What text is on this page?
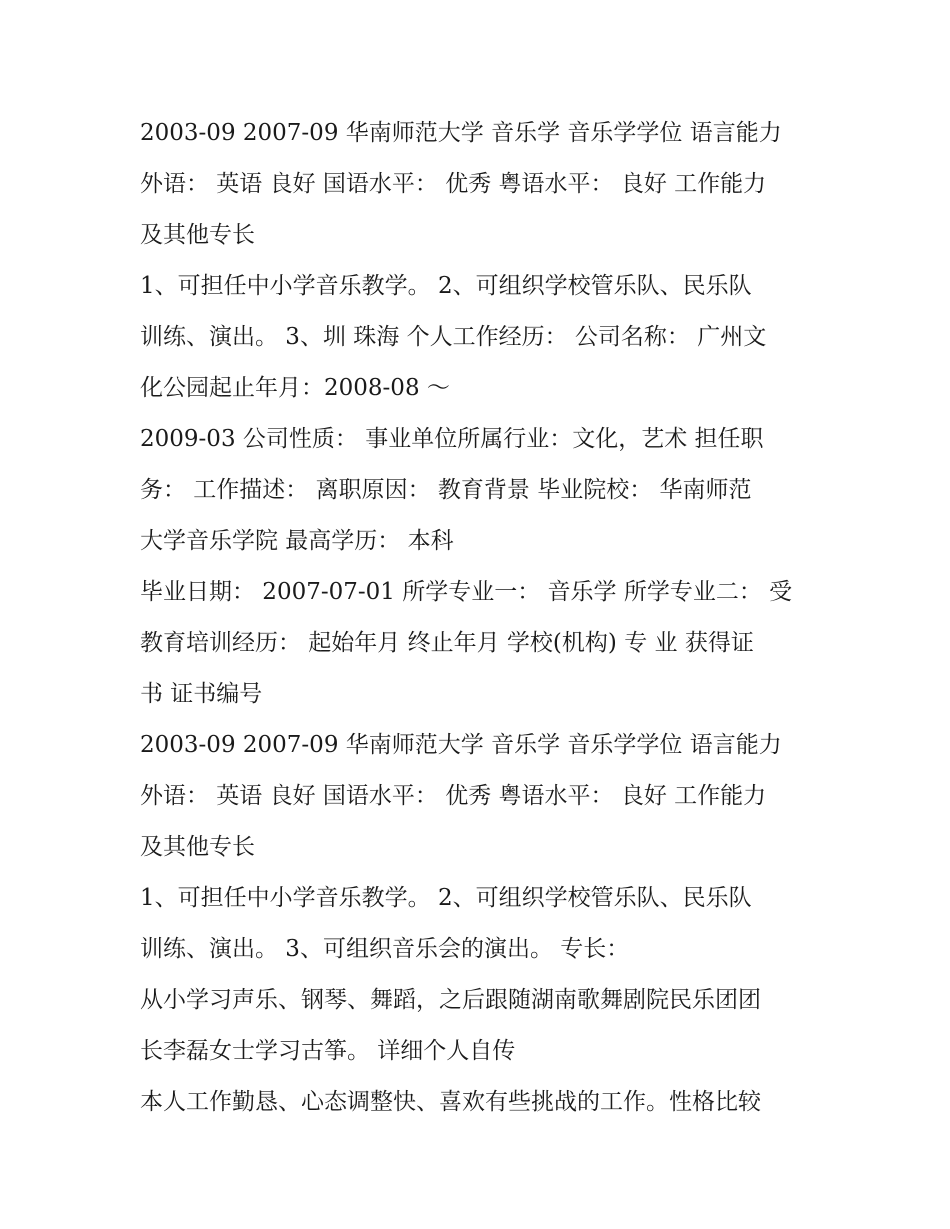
2003-09 2007-09 华南师范大学 音乐学 音乐学学位 语言能力
外语： 英语 良好 国语水平： 优秀 粤语水平： 良好 工作能力
及其他专长
1、可担任中小学音乐教学。 2、可组织学校管乐队、民乐队
训练、演出。 3、圳 珠海 个人工作经历： 公司名称： 广州文
化公园起止年月：2008-08 ～
2009-03 公司性质： 事业单位所属行业：文化，艺术 担任职
务： 工作描述： 离职原因： 教育背景 毕业院校： 华南师范
大学音乐学院 最高学历： 本科
毕业日期： 2007-07-01 所学专业一： 音乐学 所学专业二： 受
教育培训经历： 起始年月 终止年月 学校(机构) 专 业 获得证
书 证书编号
2003-09 2007-09 华南师范大学 音乐学 音乐学学位 语言能力
外语： 英语 良好 国语水平： 优秀 粤语水平： 良好 工作能力
及其他专长
1、可担任中小学音乐教学。 2、可组织学校管乐队、民乐队
训练、演出。 3、可组织音乐会的演出。 专长：
从小学习声乐、钢琴、舞蹈，之后跟随湖南歌舞剧院民乐团团
长李磊女士学习古筝。 详细个人自传
本人工作勤恳、心态调整快、喜欢有些挑战的工作。性格比较
